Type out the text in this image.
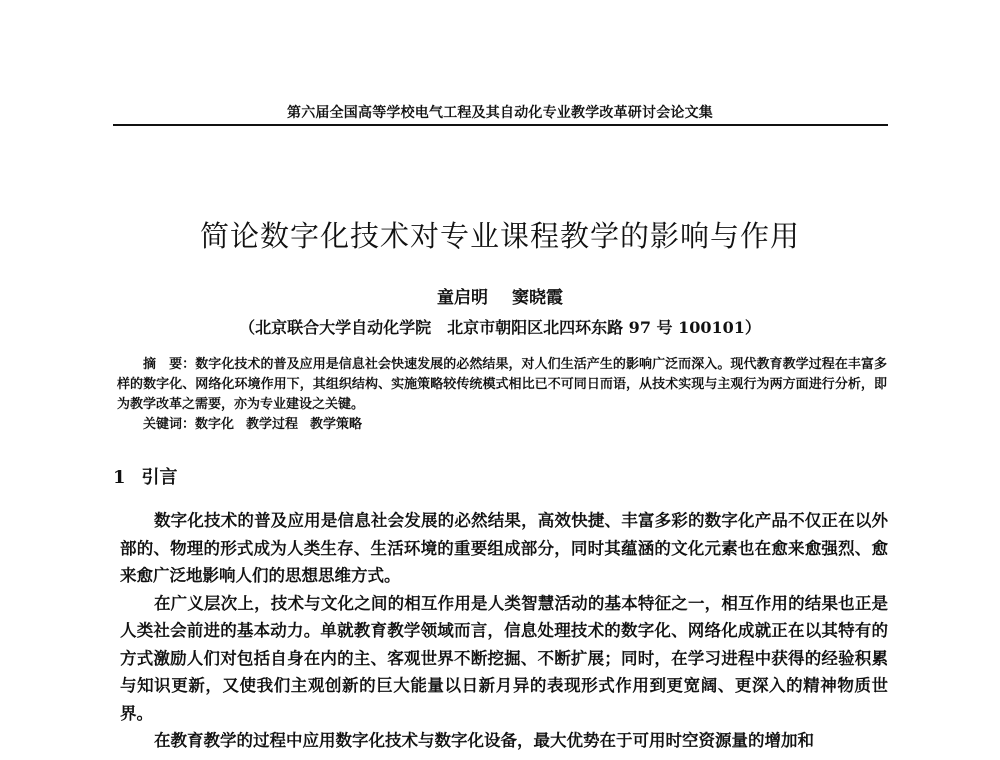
第六届全国高等学校电气工程及其自动化专业教学改革研讨会论文集
简论数字化技术对专业课程教学的影响与作用
童启明 窦晓霞
（北京联合大学自动化学院　北京市朝阳区北四环东路 97 号 100101）

摘　要：数字化技术的普及应用是信息社会快速发展的必然结果，对人们生活产生的影响广泛而深入。现代教育教学过程在丰富多样的数字化、网络化环境作用下，其组织结构、实施策略较传统模式相比已不可同日而语，从技术实现与主观行为两方面进行分析，即为教学改革之需要，亦为专业建设之关键。

关键词：数字化 教学过程 教学策略

1 引言

数字化技术的普及应用是信息社会发展的必然结果，高效快捷、丰富多彩的数字化产品不仅正在以外部的、物理的形式成为人类生存、生活环境的重要组成部分，同时其蕴涵的文化元素也在愈来愈强烈、愈来愈广泛地影响人们的思想思维方式。

在广义层次上，技术与文化之间的相互作用是人类智慧活动的基本特征之一，相互作用的结果也正是人类社会前进的基本动力。单就教育教学领域而言，信息处理技术的数字化、网络化成就正在以其特有的方式激励人们对包括自身在内的主、客观世界不断挖掘、不断扩展；同时，在学习进程中获得的经验积累与知识更新，又使我们主观创新的巨大能量以日新月异的表现形式作用到更宽阔、更深入的精神物质世界。

在教育教学的过程中应用数字化技术与数字化设备，最大优势在于可用时空资源量的增加和
